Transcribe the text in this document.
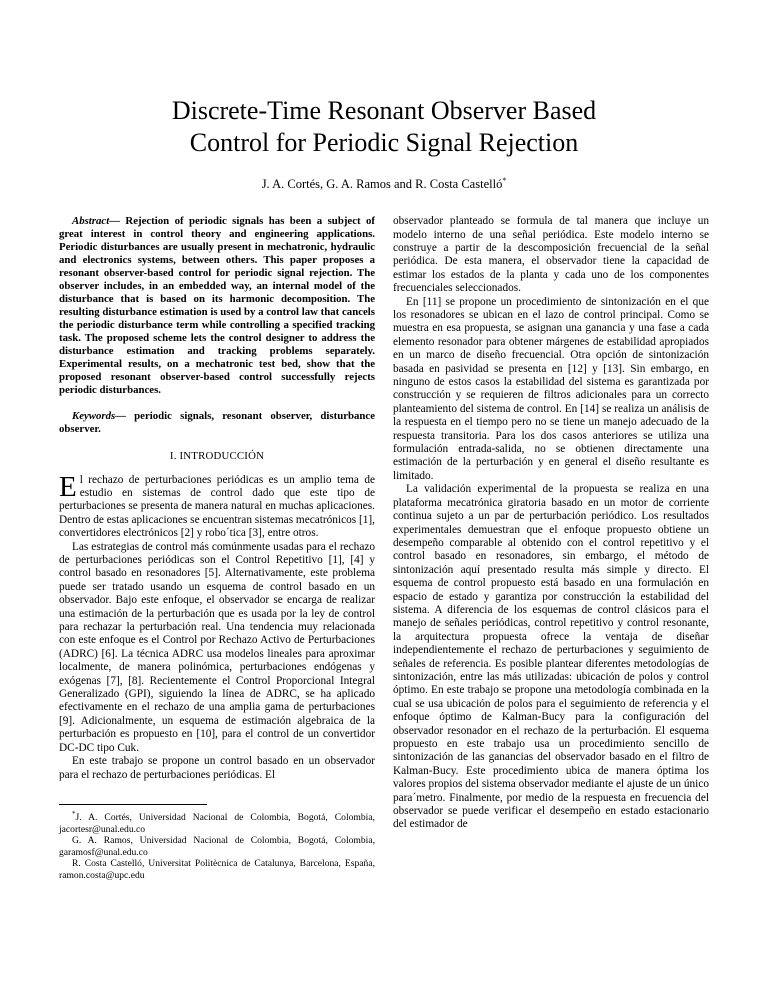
Discrete-Time Resonant Observer Based
Control for Periodic Signal Rejection
J. A. Cortés, G. A. Ramos and R. Costa Castelló*

Abstract— Rejection of periodic signals has been a subject of great interest in control theory and engineering applications. Periodic disturbances are usually present in mechatronic, hydraulic and electronics systems, between others. This paper proposes a resonant observer-based control for periodic signal rejection. The observer includes, in an embedded way, an internal model of the disturbance that is based on its harmonic decomposition. The resulting disturbance estimation is used by a control law that cancels the periodic disturbance term while controlling a specified tracking task. The proposed scheme lets the control designer to address the disturbance estimation and tracking problems separately. Experimental results, on a mechatronic test bed, show that the proposed resonant observer-based control successfully rejects periodic disturbances.

Keywords— periodic signals, resonant observer, disturbance observer.

I. INTRODUCCIÓN

El rechazo de perturbaciones periódicas es un amplio tema de estudio en sistemas de control dado que este tipo de perturbaciones se presenta de manera natural en muchas aplicaciones. Dentro de estas aplicaciones se encuentran sistemas mecatrónicos [1], convertidores electrónicos [2] y robo´tica [3], entre otros.

Las estrategias de control más comúnmente usadas para el rechazo de perturbaciones periódicas son el Control Repetitivo [1], [4] y control basado en resonadores [5]. Alternativamente, este problema puede ser tratado usando un esquema de control basado en un observador. Bajo este enfoque, el observador se encarga de realizar una estimación de la perturbación que es usada por la ley de control para rechazar la perturbación real. Una tendencia muy relacionada con este enfoque es el Control por Rechazo Activo de Perturbaciones (ADRC) [6]. La técnica ADRC usa modelos lineales para aproximar localmente, de manera polinómica, perturbaciones endógenas y exógenas [7], [8]. Recientemente el Control Proporcional Integral Generalizado (GPI), siguiendo la línea de ADRC, se ha aplicado efectivamente en el rechazo de una amplia gama de perturbaciones [9]. Adicionalmente, un esquema de estimación algebraica de la perturbación es propuesto en [10], para el control de un convertidor DC-DC tipo Cuk.

En este trabajo se propone un control basado en un observador para el rechazo de perturbaciones periódicas. El

*J. A. Cortés, Universidad Nacional de Colombia, Bogotá, Colombia, jacortesr@unal.edu.co

G. A. Ramos, Universidad Nacional de Colombia, Bogotá, Colombia, garamosf@unal.edu.co

R. Costa Castelló, Universitat Politècnica de Catalunya, Barcelona, España, ramon.costa@upc.edu

observador planteado se formula de tal manera que incluye un modelo interno de una señal periódica. Este modelo interno se construye a partir de la descomposición frecuencial de la señal periódica. De esta manera, el observador tiene la capacidad de estimar los estados de la planta y cada uno de los componentes frecuenciales seleccionados.

En [11] se propone un procedimiento de sintonización en el que los resonadores se ubican en el lazo de control principal. Como se muestra en esa propuesta, se asignan una ganancia y una fase a cada elemento resonador para obtener márgenes de estabilidad apropiados en un marco de diseño frecuencial. Otra opción de sintonización basada en pasividad se presenta en [12] y [13]. Sin embargo, en ninguno de estos casos la estabilidad del sistema es garantizada por construcción y se requieren de filtros adicionales para un correcto planteamiento del sistema de control. En [14] se realiza un análisis de la respuesta en el tiempo pero no se tiene un manejo adecuado de la respuesta transitoria. Para los dos casos anteriores se utiliza una formulación entrada-salida, no se obtienen directamente una estimación de la perturbación y en general el diseño resultante es limitado.

La validación experimental de la propuesta se realiza en una plataforma mecatrónica giratoria basado en un motor de corriente continua sujeto a un par de perturbación periódico. Los resultados experimentales demuestran que el enfoque propuesto obtiene un desempeño comparable al obtenido con el control repetitivo y el control basado en resonadores, sin embargo, el método de sintonización aquí presentado resulta más simple y directo. El esquema de control propuesto está basado en una formulación en espacio de estado y garantiza por construcción la estabilidad del sistema. A diferencia de los esquemas de control clásicos para el manejo de señales periódicas, control repetitivo y control resonante, la arquitectura propuesta ofrece la ventaja de diseñar independientemente el rechazo de perturbaciones y seguimiento de señales de referencia. Es posible plantear diferentes metodologías de sintonización, entre las más utilizadas: ubicación de polos y control óptimo. En este trabajo se propone una metodología combinada en la cual se usa ubicación de polos para el seguimiento de referencia y el enfoque óptimo de Kalman-Bucy para la configuración del observador resonador en el rechazo de la perturbación. El esquema propuesto en este trabajo usa un procedimiento sencillo de sintonización de las ganancias del observador basado en el filtro de Kalman-Bucy. Este procedimiento ubica de manera óptima los valores propios del sistema observador mediante el ajuste de un único para´metro. Finalmente, por medio de la respuesta en frecuencia del observador se puede verificar el desempeño en estado estacionario del estimador de
